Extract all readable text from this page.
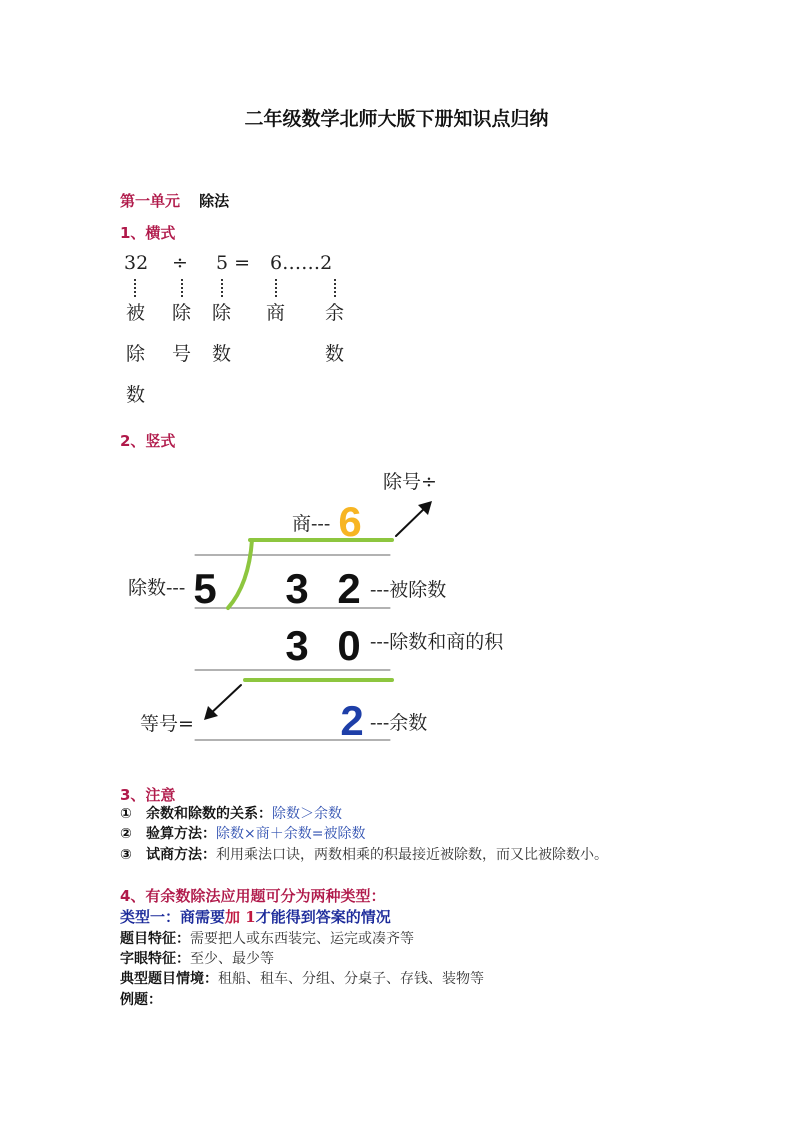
二年级数学北师大版下册知识点归纳
第一单元 除法
1、横式
32 ÷ 5 = 6……2
被
除
数
除
号
除
数
商 余
数
2、竖式
6
5 3 2
3 0
2
除号÷
商---
除数---	---被除数
---除数和商的积
等号=	---余数
3、注意
① 余数和除数的关系：除数＞余数
② 验算方法：除数×商＋余数=被除数
③ 试商方法：利用乘法口诀，两数相乘的积最接近被除数，而又比被除数小。
4、有余数除法应用题可分为两种类型：
类型一：商需要加 1才能得到答案的情况
题目特征：需要把人或东西装完、运完或凑齐等
字眼特征：至少、最少等
典型题目情境：租船、租车、分组、分桌子、存钱、装物等
例题：
